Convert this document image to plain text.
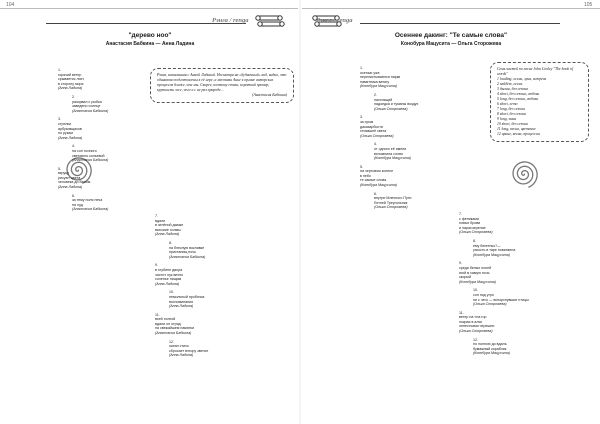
104
Рэнга / renga
"дерево ноо"
Анастасия Бабкина — Анна Ладина
Рэнга, написанная с Анной Ладиной. Несмотря на «будничный» вид, видно, что одинаково подготовлены к её игре, а местами Анне в органе авторских процессов ближе, чем мы. Скорее, поэтому стихи, короткий промер, крупность эссе, чего и с не раз природе...
(Анастасия Бабкина)
1.
горячий ветер
срывается лист
в сторону моря
(Анна Ладина)
2.
разорвал с рыбка
заведено солнце
(Анастасия Бабкина)
3.
стрелки
арбузовщиков
по рукам
(Анна Ладина)
4.
на сон ночного
светового копьевой
(Анастасия Бабкина)
5.
вкруцу
рисуют цвета
человека до Веном
(Анна Ладина)
6.
за тему поля неча
на луд
(Анастасия Бабкина)
7.
вдали
в зелёной дымке
высокие холмы
(Анна Ладина)
8.
на блеклую воклавке
пристанищ ночь
(Анастасия Бабкина)
9.
в глубине двора
чистит лук вечно
соленье нищим
(Анна Ладина)
10.
немолчный пробэнса
воспоминания
(Анна Ладина)
11.
всей толпой
вдали он отряд
на свежайшем памятки
(Анастасия Бабкина)
12.
океан стихо
сбросает вчтору звенят
(Анна Ладина)
105
Рэнга / renga
Осеннее дакинг: "Те самые слова"
Конобура Мацусита — Ольга Сторожева
Семь частей по песне John Cooley "The book of words"
1 loading, осень, луна, встреча
2 зайдёт, осень
3 дыхан, без сезона
4 short, без сезона, любовь
5 long, без сезона, любовь
6 short, лето
7 long, без сезона
8 short, без сезона
9 long, зима
10 short, без сезона
11 long, весна, цветение
12 аранг, весна, процессия
1.
осенью уже
перелистываются парки
памятника ватагу
(Конобура Мацусита)
2.
настоящий
надоедка и туманы воздух
(Ольга Сторожева)
3.
за ором
даказарбости
стоявшеё света
(Ольга Сторожева)
4.
от одного её имени
вспомнила слово
(Конобура Мацусита)
5.
на чертовом колесе
в небо
те самые слова
(Конобура Мацусита)
6.
внутри Млечного Пути
Летней Треугольник
(Ольга Сторожева)
7.
с фениками
новых брови
и нарасчерение
(Ольга Сторожева)
8.
ему бенгенко?—
узкость в таре новинкена
(Конобура Мацусита)
9.
среди белых полей
ягой в самую ночь
скорый
(Конобура Мацусита)
10.
сон под угро
ни с чего — вспорхнувшие птицы
(Ольга Сторожева)
11.
ветер на «на гор
покрая в алях
лепестками черешни
(Ольга Сторожева)
12.
по полною до вдаль
бумажный кораблик
(Конобура Мацусита)
